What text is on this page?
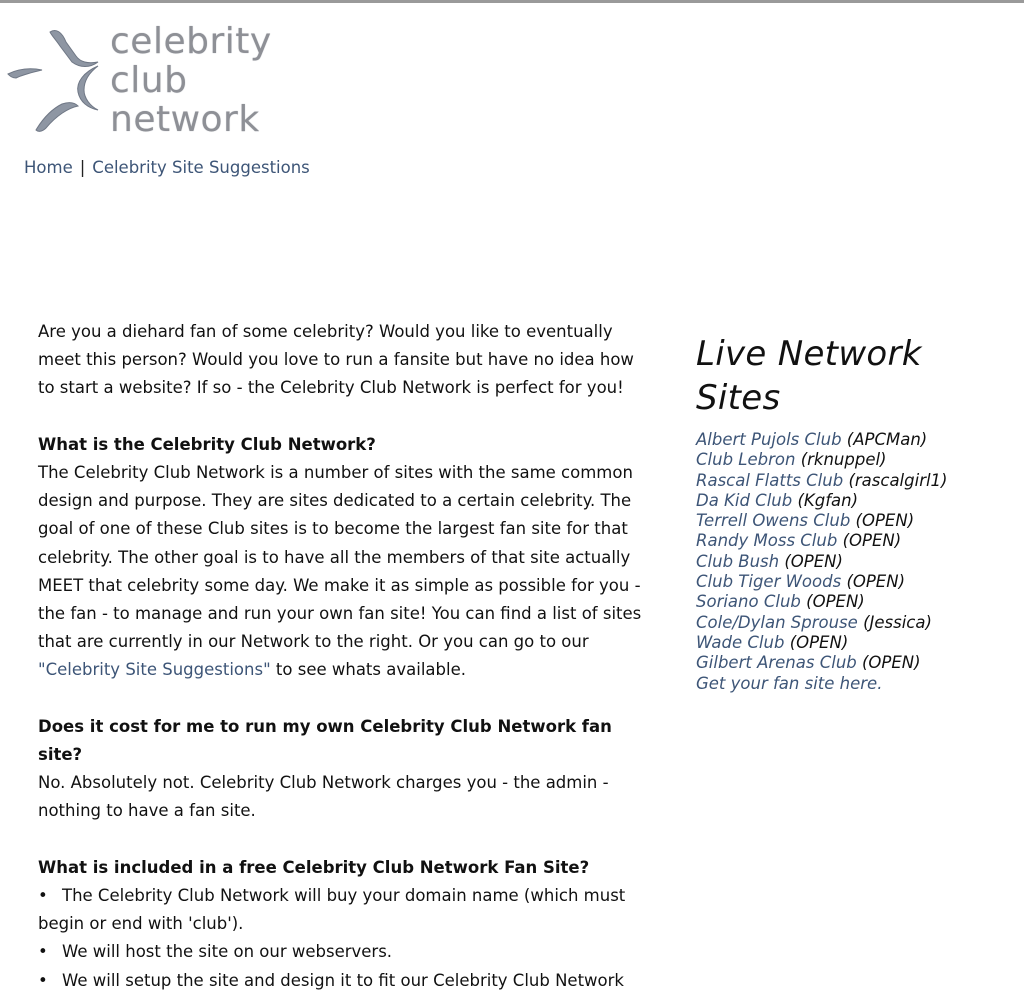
celebrity
club
network
Home | Celebrity Site Suggestions

Are you a diehard fan of some celebrity? Would you like to eventually meet this person? Would you love to run a fansite but have no idea how to start a website? If so - the Celebrity Club Network is perfect for you!

What is the Celebrity Club Network?
The Celebrity Club Network is a number of sites with the same common design and purpose. They are sites dedicated to a certain celebrity. The goal of one of these Club sites is to become the largest fan site for that celebrity. The other goal is to have all the members of that site actually MEET that celebrity some day. We make it as simple as possible for you - the fan - to manage and run your own fan site! You can find a list of sites that are currently in our Network to the right. Or you can go to our "Celebrity Site Suggestions" to see whats available.

Does it cost for me to run my own Celebrity Club Network fan site?
No. Absolutely not. Celebrity Club Network charges you - the admin - nothing to have a fan site.

What is included in a free Celebrity Club Network Fan Site?
• The Celebrity Club Network will buy your domain name (which must begin or end with 'club').
• We will host the site on our webservers.
• We will setup the site and design it to fit our Celebrity Club Network
Live Network Sites
Albert Pujols Club (APCMan)
Club Lebron (rknuppel)
Rascal Flatts Club (rascalgirl1)
Da Kid Club (Kgfan)
Terrell Owens Club (OPEN)
Randy Moss Club (OPEN)
Club Bush (OPEN)
Club Tiger Woods (OPEN)
Soriano Club (OPEN)
Cole/Dylan Sprouse (Jessica)
Wade Club (OPEN)
Gilbert Arenas Club (OPEN)
Get your fan site here.
